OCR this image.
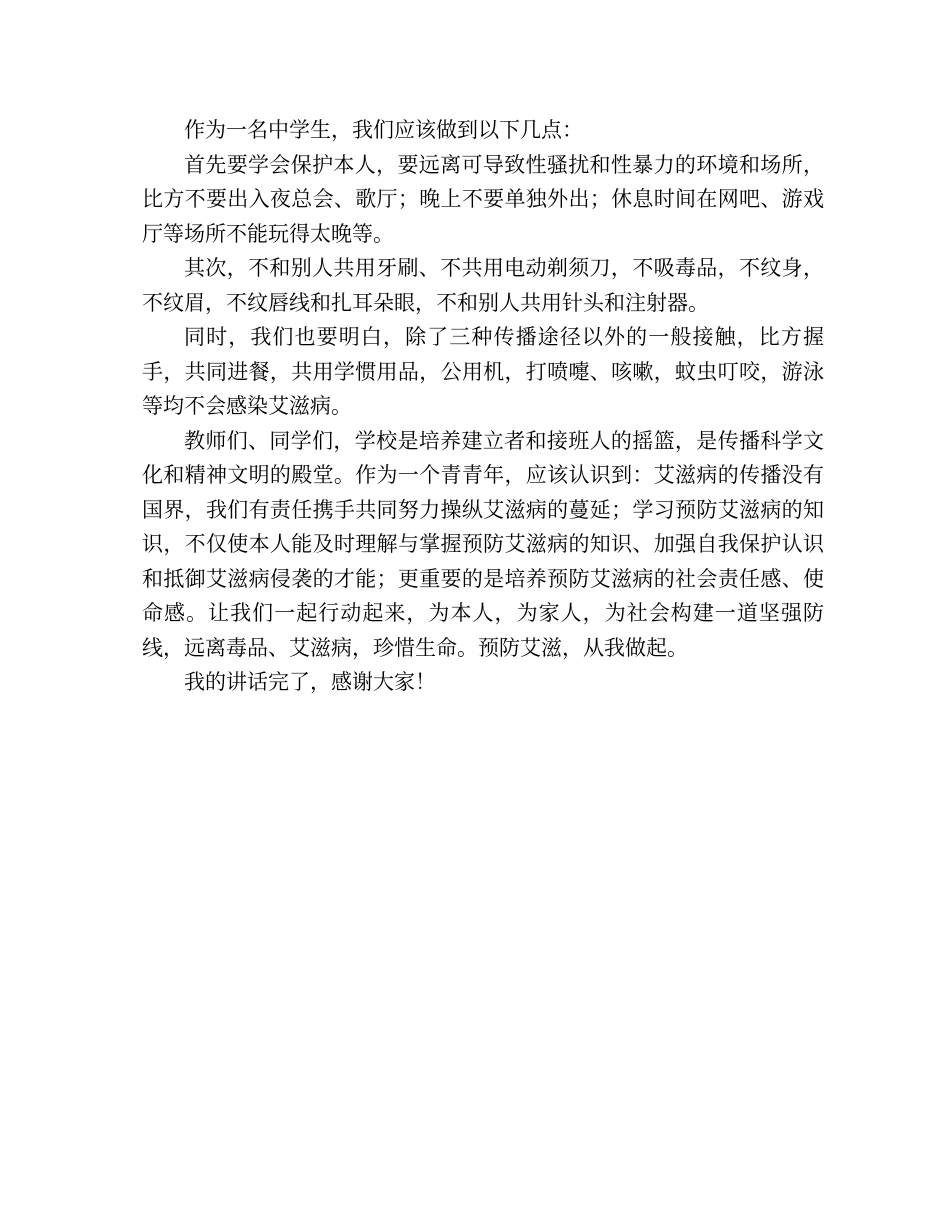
作为一名中学生，我们应该做到以下几点：

首先要学会保护本人，要远离可导致性骚扰和性暴力的环境和场所，比方不要出入夜总会、歌厅；晚上不要单独外出；休息时间在网吧、游戏厅等场所不能玩得太晚等。

其次，不和别人共用牙刷、不共用电动剃须刀，不吸毒品，不纹身，不纹眉，不纹唇线和扎耳朵眼，不和别人共用针头和注射器。

同时，我们也要明白，除了三种传播途径以外的一般接触，比方握手，共同进餐，共用学惯用品，公用机，打喷嚏、咳嗽，蚊虫叮咬，游泳等均不会感染艾滋病。

教师们、同学们，学校是培养建立者和接班人的摇篮，是传播科学文化和精神文明的殿堂。作为一个青青年，应该认识到：艾滋病的传播没有国界，我们有责任携手共同努力操纵艾滋病的蔓延；学习预防艾滋病的知识，不仅使本人能及时理解与掌握预防艾滋病的知识、加强自我保护认识和抵御艾滋病侵袭的才能；更重要的是培养预防艾滋病的社会责任感、使命感。让我们一起行动起来，为本人，为家人，为社会构建一道坚强防线，远离毒品、艾滋病，珍惜生命。预防艾滋，从我做起。

我的讲话完了，感谢大家！
